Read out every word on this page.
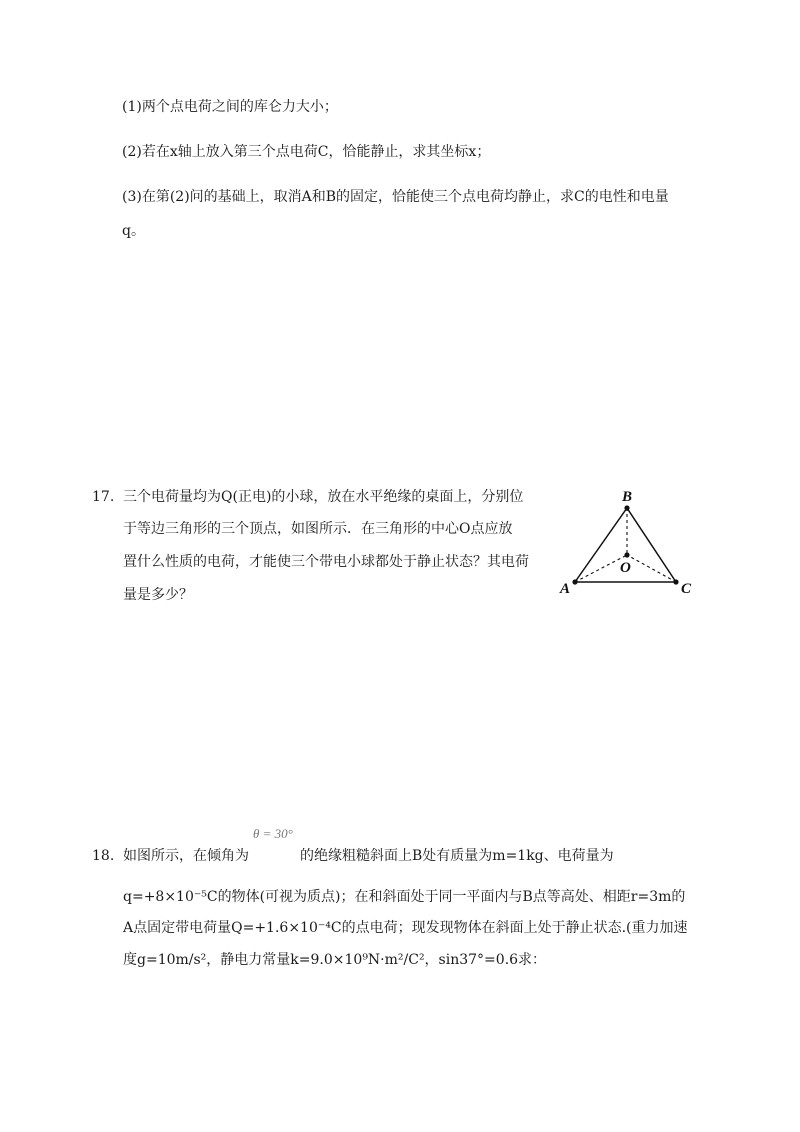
(1)两个点电荷之间的库仑力大小；
(2)若在x轴上放入第三个点电荷C，恰能静止，求其坐标x；
(3)在第(2)问的基础上，取消A和B的固定，恰能使三个点电荷均静止，求C的电性和电量
q。
17. 三个电荷量均为Q(正电)的小球，放在水平绝缘的桌面上，分别位
于等边三角形的三个顶点，如图所示．在三角形的中心O点应放
置什么性质的电荷，才能使三个带电小球都处于静止状态？其电荷
量是多少？
B
A	C
O
θ = 30°
18. 如图所示，在倾角为	的绝缘粗糙斜面上B处有质量为m=1kg、电荷量为
q=+8×10⁻⁵C的物体(可视为质点)；在和斜面处于同一平面内与B点等高处、相距r=3m的
A点固定带电荷量Q=+1.6×10⁻⁴C的点电荷；现发现物体在斜面上处于静止状态.(重力加速
度g=10m/s²，静电力常量k=9.0×10⁹N·m²/C²，sin37°=0.6求：
